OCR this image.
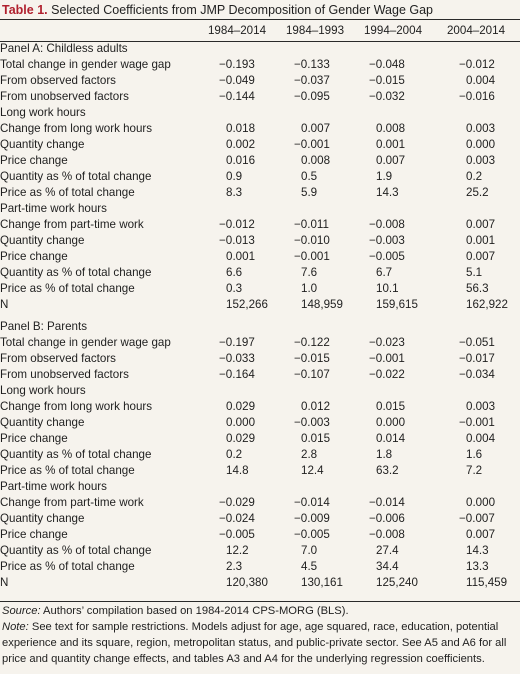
Table 1. Selected Coefficients from JMP Decomposition of Gender Wage Gap
	1984–2014	1984–1993	1994–2004	2004–2014
Panel A: Childless adults				
Total change in gender wage gap	−0.193	−0.133	−0.048	−0.012
From observed factors	−0.049	−0.037	−0.015	0.004
From unobserved factors	−0.144	−0.095	−0.032	−0.016
Long work hours				
Change from long work hours	0.018	0.007	0.008	0.003
Quantity change	0.002	−0.001	0.001	0.000
Price change	0.016	0.008	0.007	0.003
Quantity as % of total change	0.9	0.5	1.9	0.2
Price as % of total change	8.3	5.9	14.3	25.2
Part-time work hours				
Change from part-time work	−0.012	−0.011	−0.008	0.007
Quantity change	−0.013	−0.010	−0.003	0.001
Price change	0.001	−0.001	−0.005	0.007
Quantity as % of total change	6.6	7.6	6.7	5.1
Price as % of total change	0.3	1.0	10.1	56.3
N	152,266	148,959	159,615	162,922

Panel B: Parents				
Total change in gender wage gap	−0.197	−0.122	−0.023	−0.051
From observed factors	−0.033	−0.015	−0.001	−0.017
From unobserved factors	−0.164	−0.107	−0.022	−0.034
Long work hours				
Change from long work hours	0.029	0.012	0.015	0.003
Quantity change	0.000	−0.003	0.000	−0.001
Price change	0.029	0.015	0.014	0.004
Quantity as % of total change	0.2	2.8	1.8	1.6
Price as % of total change	14.8	12.4	63.2	7.2
Part-time work hours				
Change from part-time work	−0.029	−0.014	−0.014	0.000
Quantity change	−0.024	−0.009	−0.006	−0.007
Price change	−0.005	−0.005	−0.008	0.007
Quantity as % of total change	12.2	7.0	27.4	14.3
Price as % of total change	2.3	4.5	34.4	13.3
N	120,380	130,161	125,240	115,459

Source: Authors’ compilation based on 1984-2014 CPS-MORG (BLS).

Note: See text for sample restrictions. Models adjust for age, age squared, race, education, potential experience and its square, region, metropolitan status, and public-private sector. See A5 and A6 for all price and quantity change effects, and tables A3 and A4 for the underlying regression coefficients.
